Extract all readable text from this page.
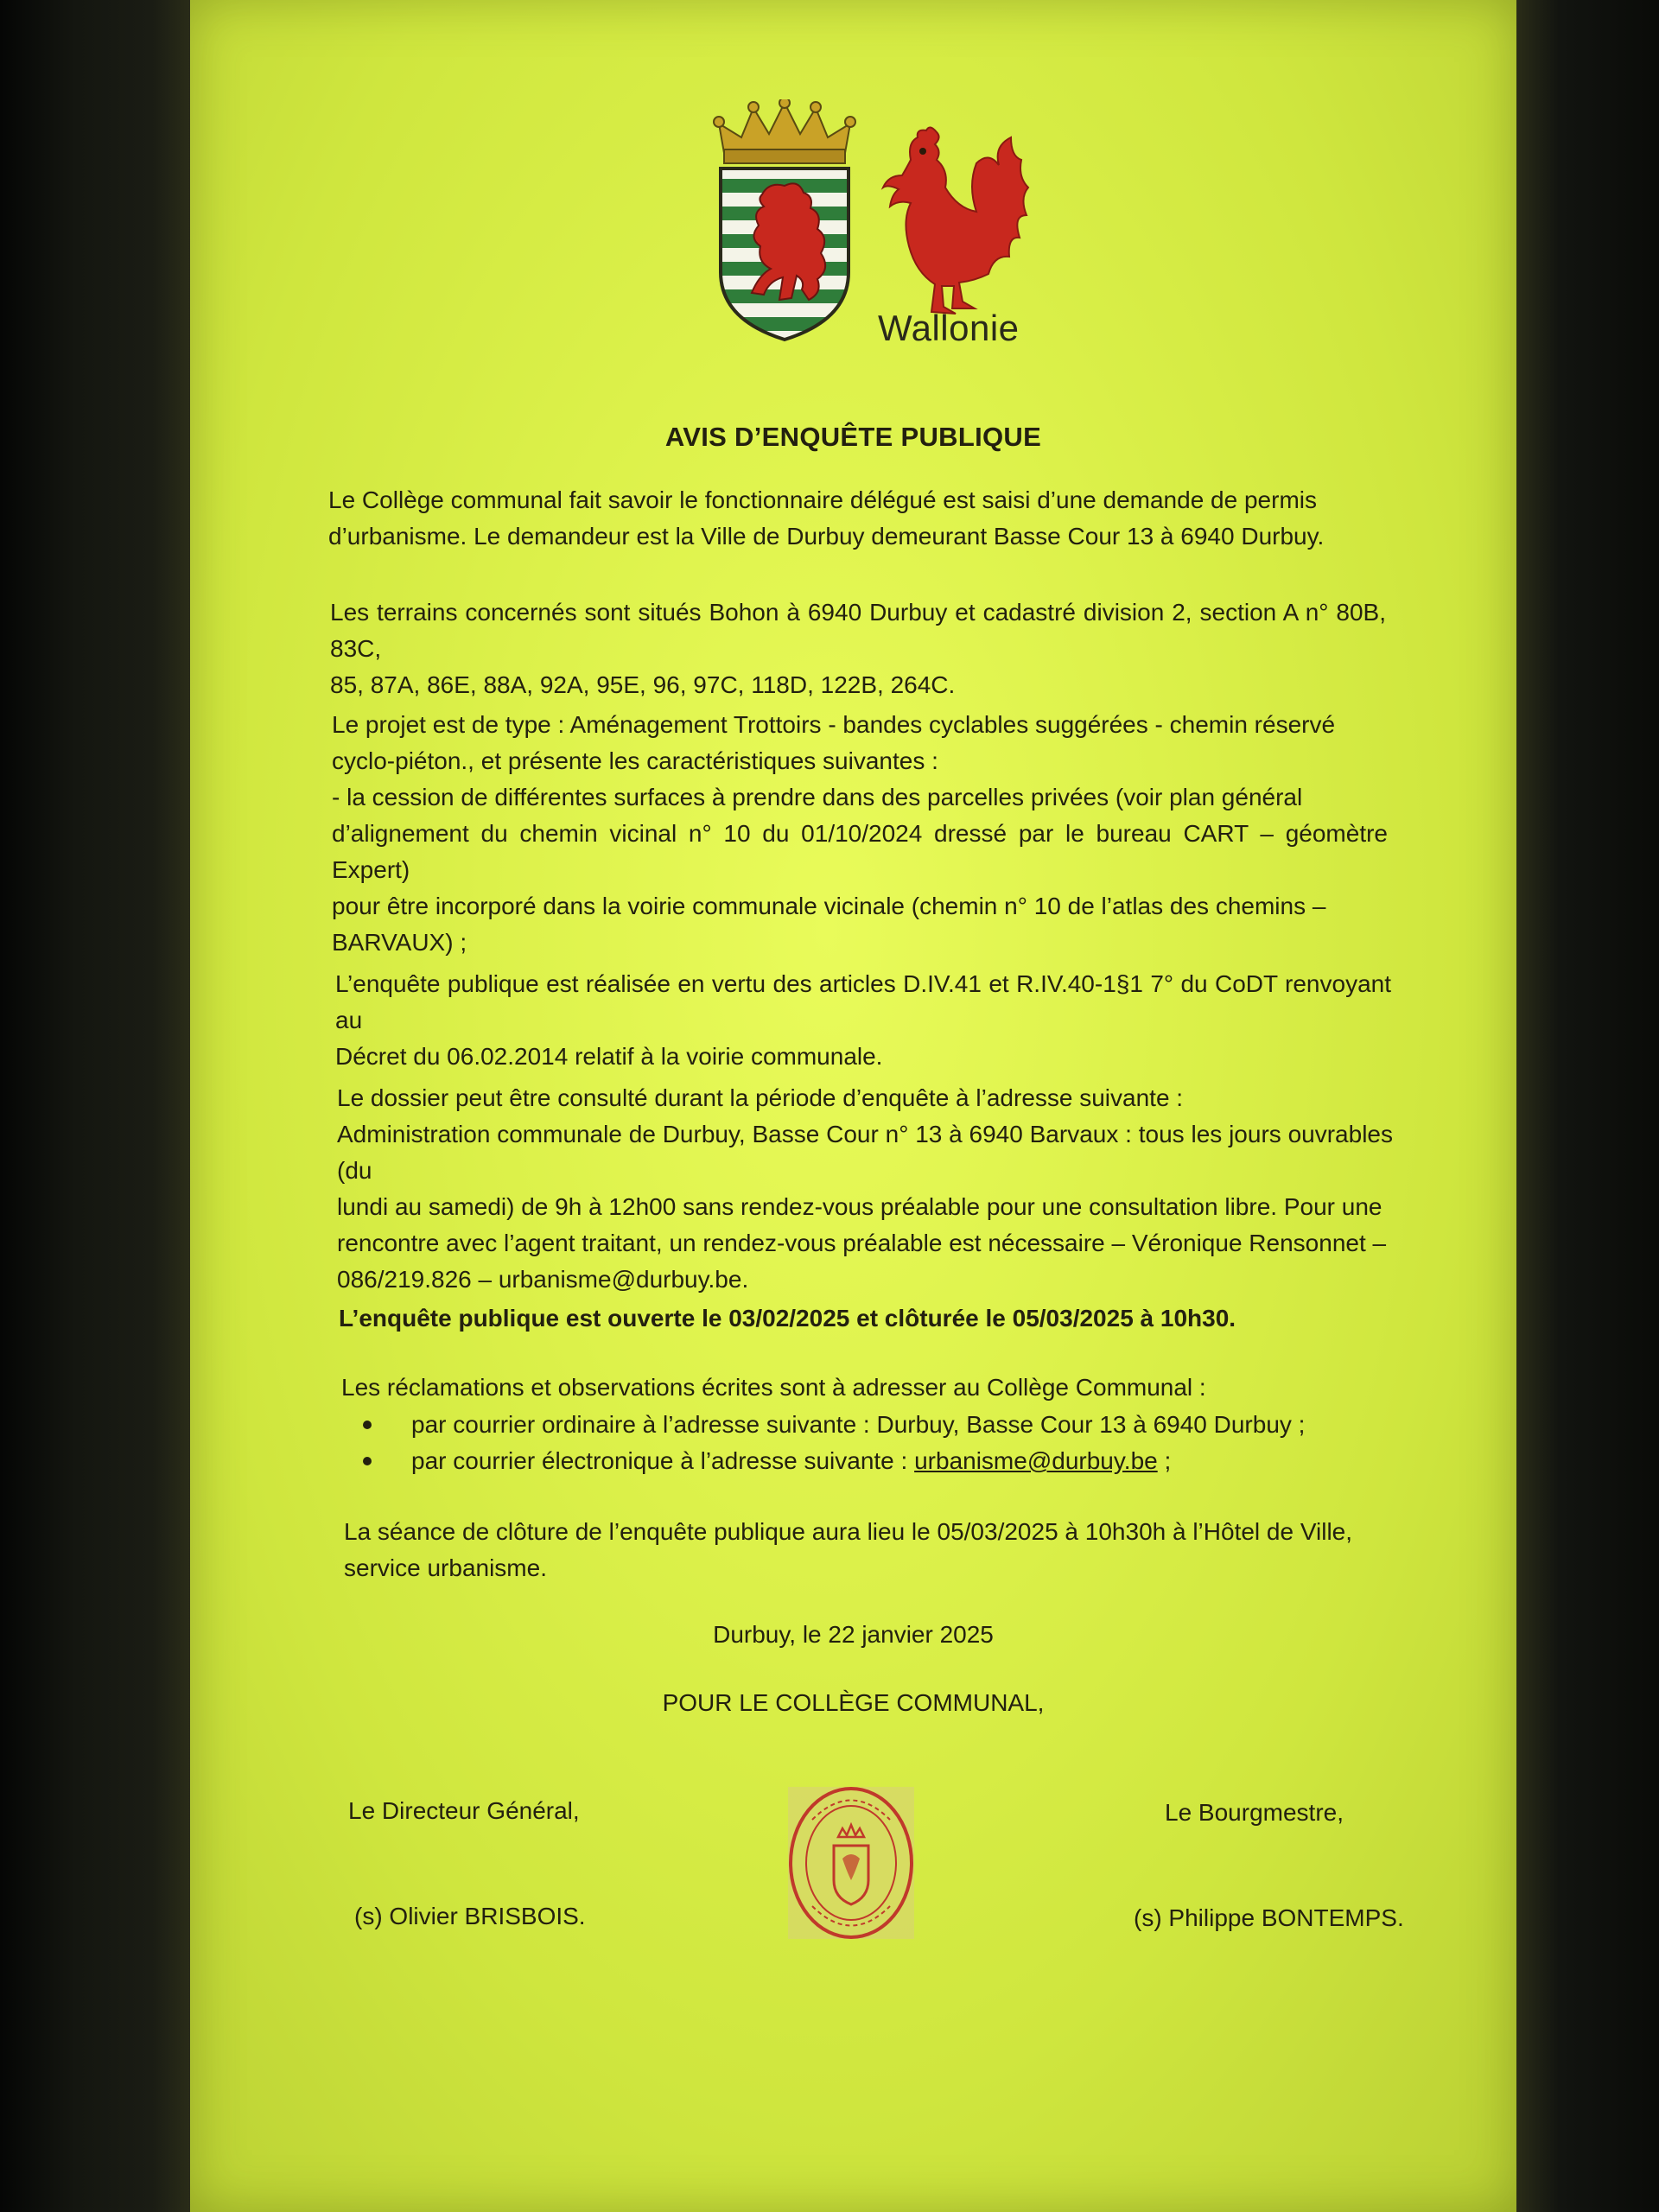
Wallonie
AVIS D’ENQUÊTE PUBLIQUE
Le Collège communal fait savoir le fonctionnaire délégué est saisi d’une demande de permis
d’urbanisme. Le demandeur est la Ville de Durbuy demeurant Basse Cour 13 à 6940 Durbuy.
Les terrains concernés sont situés Bohon à 6940 Durbuy et cadastré division 2, section A n° 80B, 83C,
85, 87A, 86E, 88A, 92A, 95E, 96, 97C, 118D, 122B, 264C.
Le projet est de type : Aménagement Trottoirs - bandes cyclables suggérées - chemin réservé
cyclo-piéton., et présente les caractéristiques suivantes :
- la cession de différentes surfaces à prendre dans des parcelles privées (voir plan général
d’alignement du chemin vicinal n° 10 du 01/10/2024 dressé par le bureau CART – géomètre Expert)
pour être incorporé dans la voirie communale vicinale (chemin n° 10 de l’atlas des chemins –
BARVAUX) ;
L’enquête publique est réalisée en vertu des articles D.IV.41 et R.IV.40-1§1 7° du CoDT renvoyant au
Décret du 06.02.2014 relatif à la voirie communale.
Le dossier peut être consulté durant la période d’enquête à l’adresse suivante :
Administration communale de Durbuy, Basse Cour n° 13 à 6940 Barvaux : tous les jours ouvrables (du
lundi au samedi) de 9h à 12h00 sans rendez-vous préalable pour une consultation libre. Pour une
rencontre avec l’agent traitant, un rendez-vous préalable est nécessaire – Véronique Rensonnet –
086/219.826 – urbanisme@durbuy.be.
L’enquête publique est ouverte le 03/02/2025 et clôturée le 05/03/2025 à 10h30.
Les réclamations et observations écrites sont à adresser au Collège Communal :
par courrier ordinaire à l’adresse suivante : Durbuy, Basse Cour 13 à 6940 Durbuy ;
par courrier électronique à l’adresse suivante : urbanisme@durbuy.be ;
La séance de clôture de l’enquête publique aura lieu le 05/03/2025 à 10h30h à l’Hôtel de Ville,
service urbanisme.
Durbuy, le 22 janvier 2025
POUR LE COLLÈGE COMMUNAL,
Le Directeur Général,
(s) Olivier BRISBOIS.
Le Bourgmestre,
(s) Philippe BONTEMPS.
